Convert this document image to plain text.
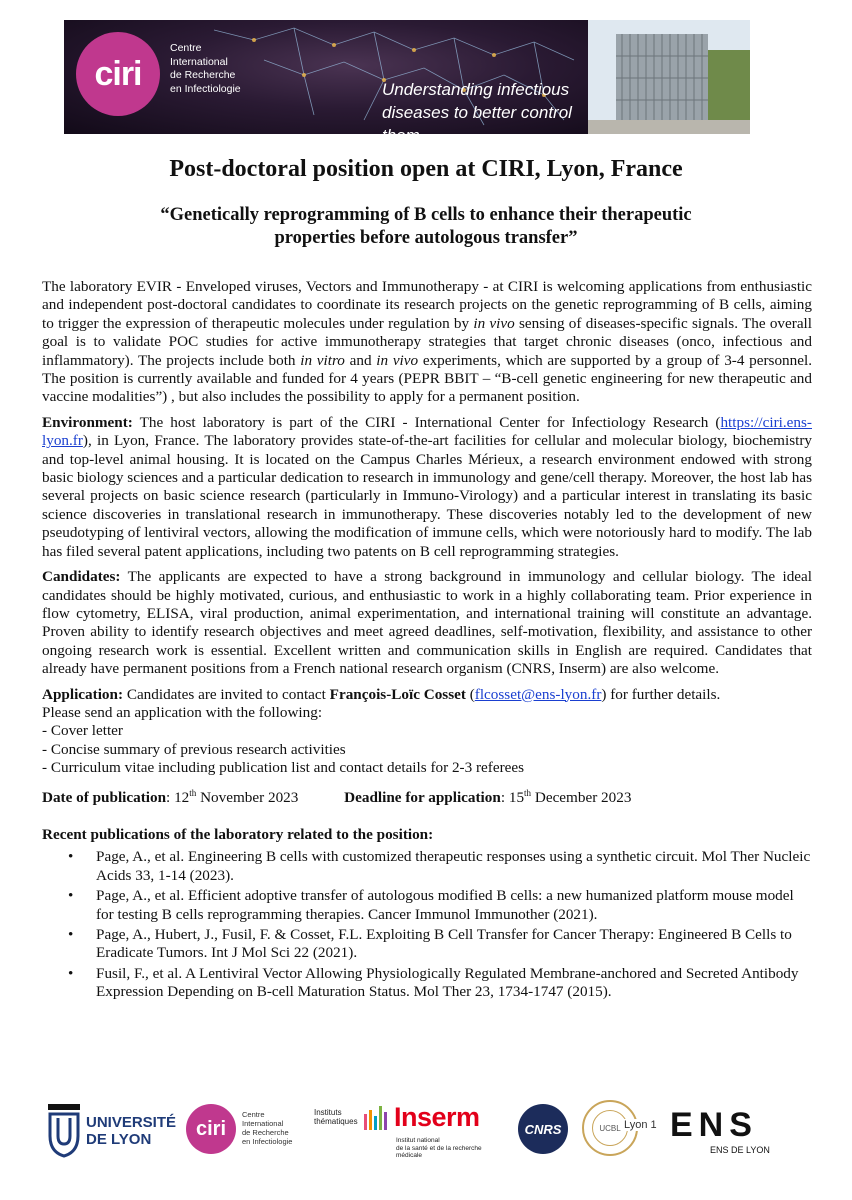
ciri
Centre
International
de Recherche
en Infectiologie	Understanding infectious diseases to better control them
Post-doctoral position open at CIRI, Lyon, France
“Genetically reprogramming of B cells to enhance their therapeutic properties before autologous transfer”

The laboratory EVIR - Enveloped viruses, Vectors and Immunotherapy - at CIRI is welcoming applications from enthusiastic and independent post-doctoral candidates to coordinate its research projects on the genetic reprogramming of B cells, aiming to trigger the expression of therapeutic molecules under regulation by in vivo sensing of diseases-specific signals. The overall goal is to validate POC studies for active immunotherapy strategies that target chronic diseases (onco, infectious and inflammatory). The projects include both in vitro and in vivo experiments, which are supported by a group of 3-4 personnel. The position is currently available and funded for 4 years (PEPR BBIT – “B-cell genetic engineering for new therapeutic and vaccine modalities”) , but also includes the possibility to apply for a permanent position.

Environment: The host laboratory is part of the CIRI - International Center for Infectiology Research (https://ciri.ens-lyon.fr), in Lyon, France. The laboratory provides state-of-the-art facilities for cellular and molecular biology, biochemistry and top-level animal housing. It is located on the Campus Charles Mérieux, a research environment endowed with strong basic biology sciences and a particular dedication to research in immunology and gene/cell therapy. Moreover, the host lab has several projects on basic science research (particularly in Immuno-Virology) and a particular interest in translating its basic science discoveries in translational research in immunotherapy. These discoveries notably led to the development of new pseudotyping of lentiviral vectors, allowing the modification of immune cells, which were notoriously hard to modify. The lab has filed several patent applications, including two patents on B cell reprogramming strategies.

Candidates: The applicants are expected to have a strong background in immunology and cellular biology. The ideal candidates should be highly motivated, curious, and enthusiastic to work in a highly collaborating team. Prior experience in flow cytometry, ELISA, viral production, animal experimentation, and international training will constitute an advantage. Proven ability to identify research objectives and meet agreed deadlines, self-motivation, flexibility, and assistance to other ongoing research work is essential. Excellent written and communication skills in English are required. Candidates that already have permanent positions from a French national research organism (CNRS, Inserm) are also welcome.

Application: Candidates are invited to contact François-Loïc Cosset (flcosset@ens-lyon.fr) for further details.
Please send an application with the following:
- Cover letter
- Concise summary of previous research activities
- Curriculum vitae including publication list and contact details for 2-3 referees
Date of publication: 12th November 2023	Deadline for application: 15th December 2023
Recent publications of the laboratory related to the position:
• Page, A., et al. Engineering B cells with customized therapeutic responses using a synthetic circuit. Mol Ther Nucleic Acids 33, 1-14 (2023).
• Page, A., et al. Efficient adoptive transfer of autologous modified B cells: a new humanized platform mouse model for testing B cells reprogramming therapies. Cancer Immunol Immunother (2021).
• Page, A., Hubert, J., Fusil, F. & Cosset, F.L. Exploiting B Cell Transfer for Cancer Therapy: Engineered B Cells to Eradicate Tumors. Int J Mol Sci 22 (2021).
• Fusil, F., et al. A Lentiviral Vector Allowing Physiologically Regulated Membrane-anchored and Secreted Antibody Expression Depending on B-cell Maturation Status. Mol Ther 23, 1734-1747 (2015).
UNIVERSITÉ
DE LYON	ciri
Centre
International
de Recherche
en Infectiologie
Instituts
thématiques Inserm
Institut national
de la santé et de la recherche médicale
CNRS	UCBL Lyon 1 ENS
ENS DE LYON
